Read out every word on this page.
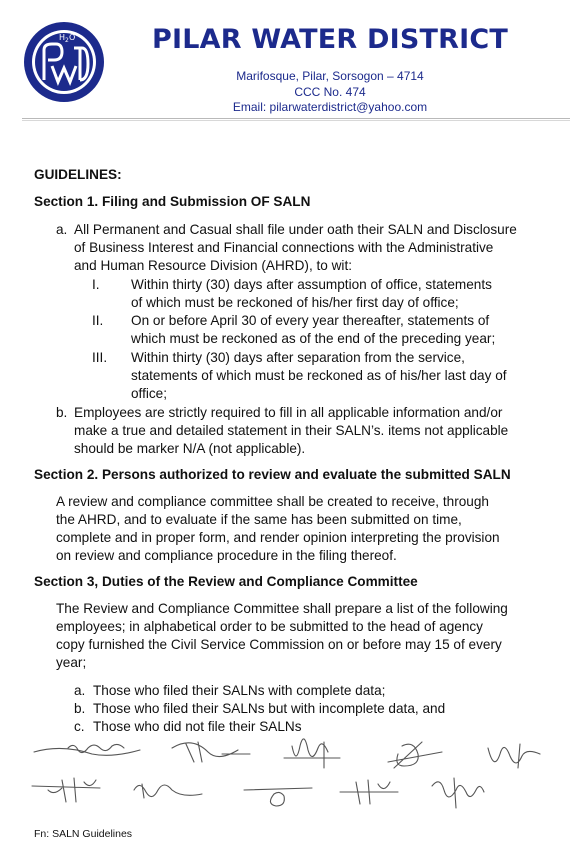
H 2 O	PILAR WATER DISTRICT
Marifosque, Pilar, Sorsogon – 4714
CCC No. 474
Email: pilarwaterdistrict@yahoo.com
GUIDELINES:
Section 1. Filing and Submission OF SALN
a. All Permanent and Casual shall file under oath their SALN and Disclosure
of Business Interest and Financial connections with the Administrative
and Human Resource Division (AHRD), to wit:
I. Within thirty (30) days after assumption of office, statements
of which must be reckoned of his/her first day of office;
II. On or before April 30 of every year thereafter, statements of
which must be reckoned as of the end of the preceding year;
III. Within thirty (30) days after separation from the service,
statements of which must be reckoned as of his/her last day of
office;
b. Employees are strictly required to fill in all applicable information and/or
make a true and detailed statement in their SALN’s. items not applicable
should be marker N/A (not applicable).
Section 2. Persons authorized to review and evaluate the submitted SALN
A review and compliance committee shall be created to receive, through
the AHRD, and to evaluate if the same has been submitted on time,
complete and in proper form, and render opinion interpreting the provision
on review and compliance procedure in the filing thereof.
Section 3, Duties of the Review and Compliance Committee
The Review and Compliance Committee shall prepare a list of the following
employees; in alphabetical order to be submitted to the head of agency
copy furnished the Civil Service Commission on or before may 15 of every
year;
a. Those who filed their SALNs with complete data;
b. Those who filed their SALNs but with incomplete data, and
c. Those who did not file their SALNs
Fn: SALN Guidelines
